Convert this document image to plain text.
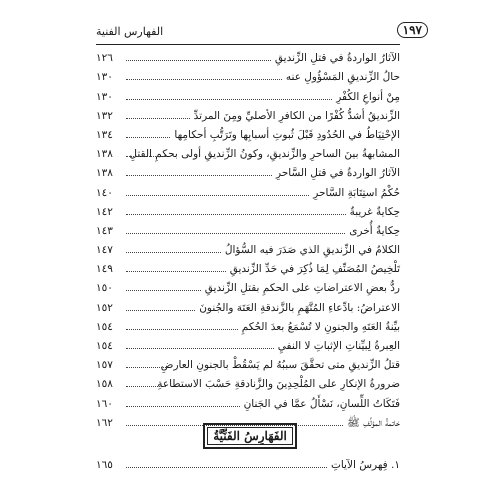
١٩٧
الفهارس الفنية
الآثارُ الواردةُ في قتلِ الزِّنديقِ
١٢٦
حالُ الزِّنديقِ المَسْؤُولِ عنه
١٣٠
مِنْ أنواعِ الكُفْرِ
١٣٠
الزِّنديقُ أشدُّ كُفْرًا من الكافرِ الأصليِّ ومِنَ المرتدِّ
١٣٢
الإحْتِيَاطُ في الحُدُودِ قَبْلَ ثُبوتِ أسبابِها وتَرَتُّبِ أحكامِها
١٣٤
المشابهةُ بينَ الساحرِ والزِّنديقِ، وكونُ الزِّنديقِ أولى بحكمِ القتلِ
١٣٨
الآثارُ الواردةُ في قتلِ السَّاحرِ
١٣٨
حُكْمُ استِتَابَةِ السَّاحرِ
١٤٠
حِكايةٌ غريبةٌ
١٤٢
حِكايةٌ أُخرى
١٤٣
الكلامُ في الزِّنديقِ الذي صَدَرَ فيه السُّؤالُ
١٤٧
تَلْخِيصُ المُصَنِّفِ لِمَا ذُكِرَ في حَدِّ الزِّنديقِ
١٤٩
ردٌّ بعضِ الاعتراضاتِ على الحكمِ بقتلِ الزِّنديقِ
١٥٠
الاعتراضُ: بادِّعاءِ المُتَّهَمِ بالزَّندقةِ العَتَهَ والجُنونَ
١٥٢
بيِّنةُ العَتَهِ والجنونِ لا تُسْمَعُ بعدَ الحُكمِ
١٥٤
العِبرةُ لِبيِّناتِ الإثباتِ لا النفيِ
١٥٤
قتلُ الزِّنديقِ متى تحقَّقَ سببُهُ لم يَسْقُطْ بالجنونِ العارضِ
١٥٧
ضرورةُ الإنكارِ على المُلْحِدِينَ والزَّنادقةِ حَسْبَ الاستطاعةِ
١٥٨
فَتَكَاتُ اللِّسانِ، نَسْأَلُ عمَّا في الجَنانِ
١٦٠
خاتمةُ المؤلِّفِ ﷺ
١٦٢
الفَهَارِسُ الفَنِّيَّةُ
١. فِهرسُ الآياتِ
١٦٥
